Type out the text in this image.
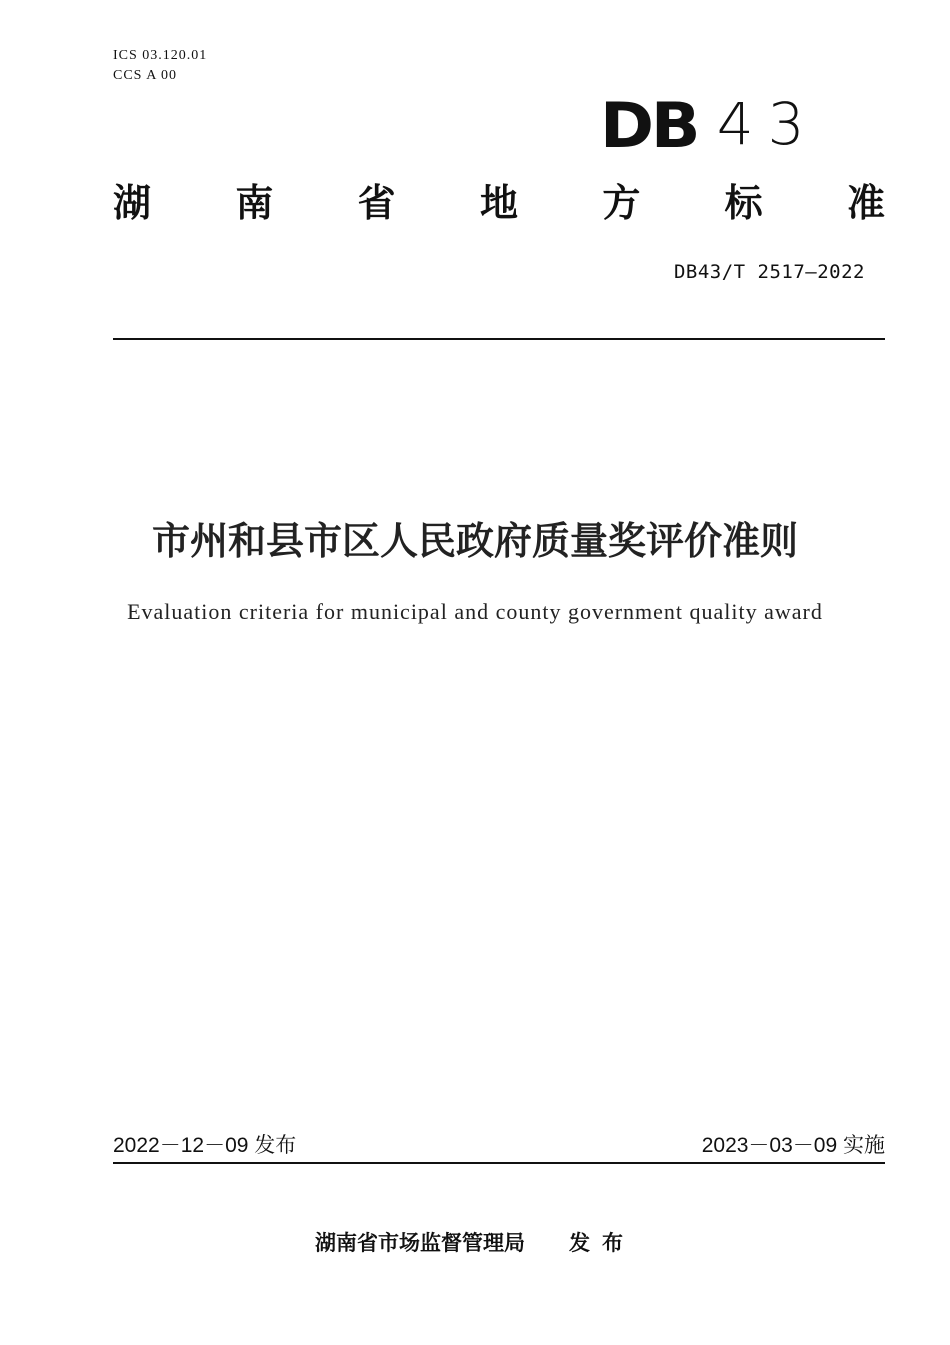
ICS 03.120.01
CCS A 00
DB 43
湖 南 省 地 方 标 准
DB43/T 2517—2022
市州和县市区人民政府质量奖评价准则
Evaluation criteria for municipal and county government quality award
2022－12－09 发布	2023－03－09 实施
湖南省市场监督管理局 发布
